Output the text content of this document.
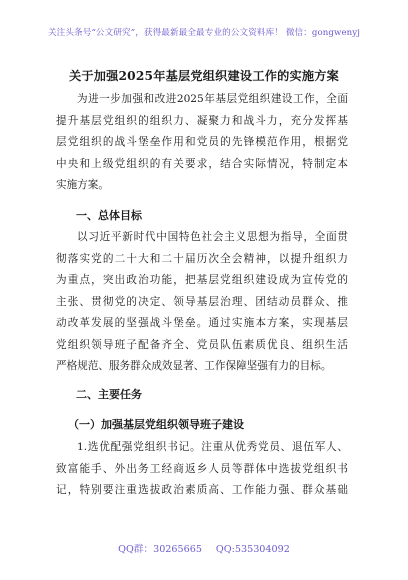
关注头条号“公文研究”，获得最新最全最专业的公文资料库！ 微信：gongwenyj
关于加强2025年基层党组织建设工作的实施方案

为进一步加强和改进2025年基层党组织建设工作，全面

提升基层党组织的组织力、凝聚力和战斗力，充分发挥基

层党组织的战斗堡垒作用和党员的先锋模范作用，根据党

中央和上级党组织的有关要求，结合实际情况，特制定本

实施方案。

一、总体目标

以习近平新时代中国特色社会主义思想为指导，全面贯

彻落实党的二十大和二十届历次全会精神，以提升组织力

为重点，突出政治功能，把基层党组织建设成为宣传党的

主张、贯彻党的决定、领导基层治理、团结动员群众、推

动改革发展的坚强战斗堡垒。通过实施本方案，实现基层

党组织领导班子配备齐全、党员队伍素质优良、组织生活

严格规范、服务群众成效显著、工作保障坚强有力的目标。

二、主要任务
（一）加强基层党组织领导班子建设

1.选优配强党组织书记。注重从优秀党员、退伍军人、

致富能手、外出务工经商返乡人员等群体中选拔党组织书

记，特别要注重选拔政治素质高、工作能力强、群众基础

QQ群：30265665 QQ:535304092
